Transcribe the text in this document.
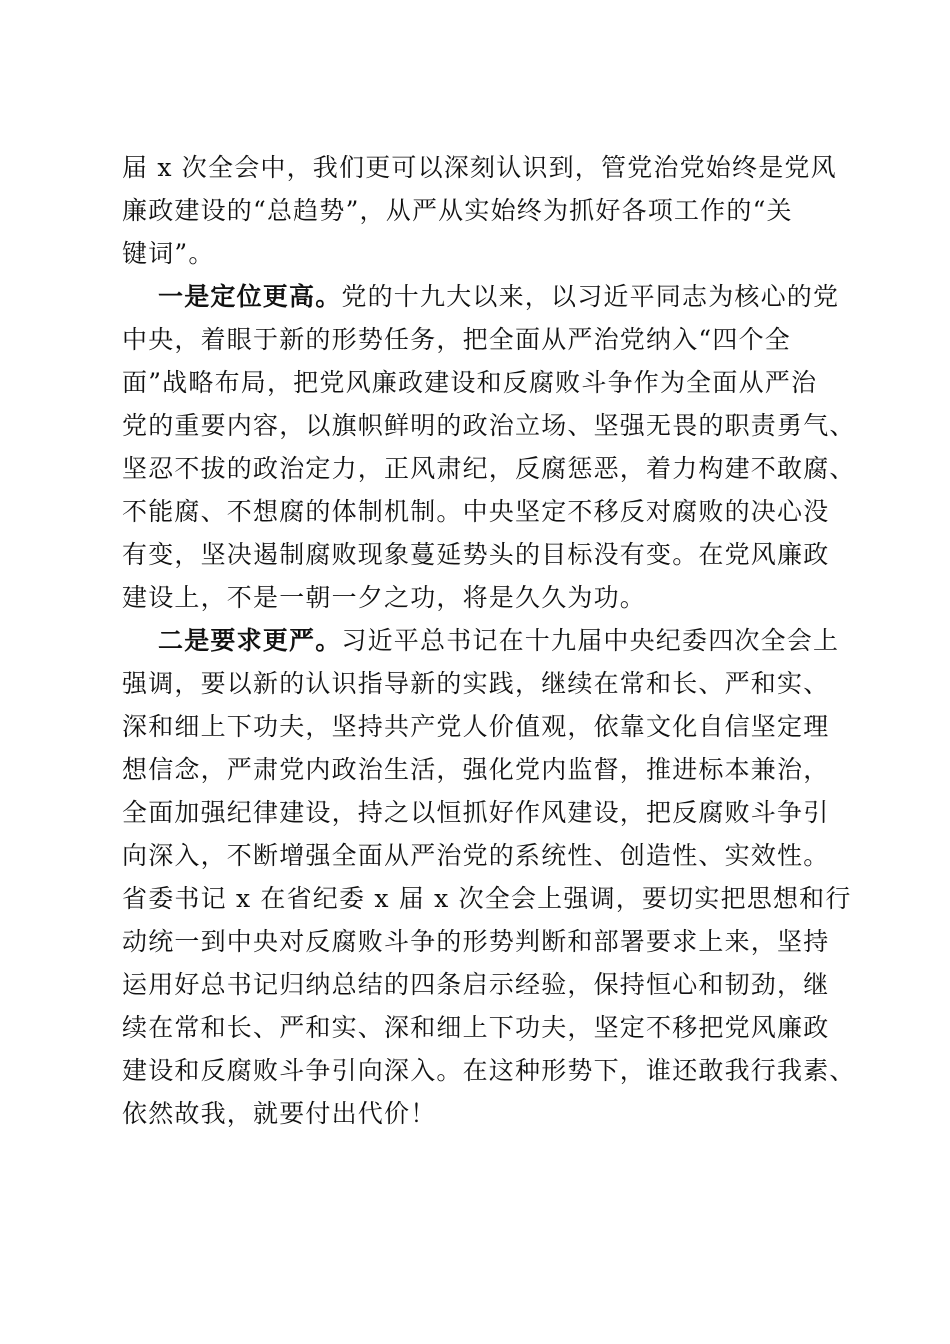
届 x 次全会中，我们更可以深刻认识到，管党治党始终是党风
廉政建设的“总趋势”，从严从实始终为抓好各项工作的“关
键词”。
一是定位更高。党的十九大以来，以习近平同志为核心的党
中央，着眼于新的形势任务，把全面从严治党纳入“四个全
面”战略布局，把党风廉政建设和反腐败斗争作为全面从严治
党的重要内容，以旗帜鲜明的政治立场、坚强无畏的职责勇气、
坚忍不拔的政治定力，正风肃纪，反腐惩恶，着力构建不敢腐、
不能腐、不想腐的体制机制。中央坚定不移反对腐败的决心没
有变，坚决遏制腐败现象蔓延势头的目标没有变。在党风廉政
建设上，不是一朝一夕之功，将是久久为功。
二是要求更严。习近平总书记在十九届中央纪委四次全会上
强调，要以新的认识指导新的实践，继续在常和长、严和实、
深和细上下功夫，坚持共产党人价值观，依靠文化自信坚定理
想信念，严肃党内政治生活，强化党内监督，推进标本兼治，
全面加强纪律建设，持之以恒抓好作风建设，把反腐败斗争引
向深入，不断增强全面从严治党的系统性、创造性、实效性。
省委书记 x 在省纪委 x 届 x 次全会上强调，要切实把思想和行
动统一到中央对反腐败斗争的形势判断和部署要求上来，坚持
运用好总书记归纳总结的四条启示经验，保持恒心和韧劲，继
续在常和长、严和实、深和细上下功夫，坚定不移把党风廉政
建设和反腐败斗争引向深入。在这种形势下，谁还敢我行我素、
依然故我，就要付出代价！
